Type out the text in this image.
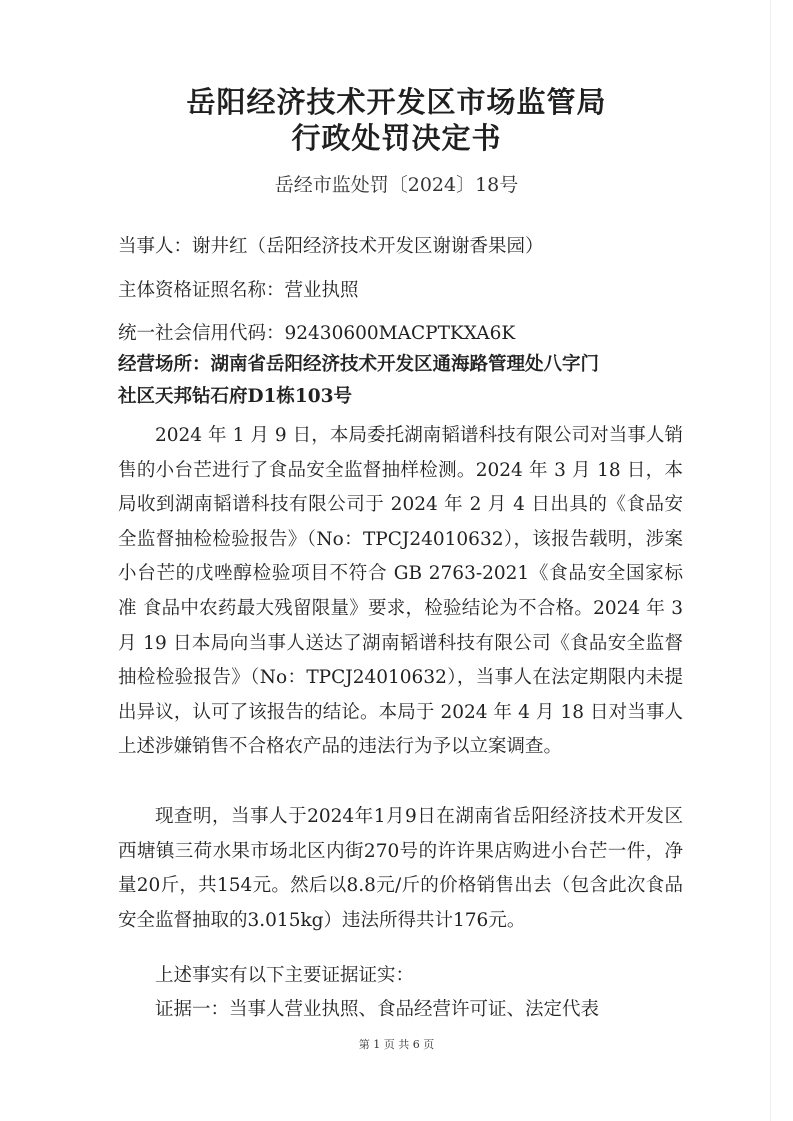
岳阳经济技术开发区市场监管局
行政处罚决定书
岳经市监处罚〔2024〕18号
当事人：谢井红（岳阳经济技术开发区谢谢香果园）
主体资格证照名称：营业执照
统一社会信用代码：92430600MACPTKXA6K
经营场所：湖南省岳阳经济技术开发区通海路管理处八字门
社区天邦钻石府D1栋103号
2024 年 1 月 9 日，本局委托湖南韬谱科技有限公司对当事人销售的小台芒进行了食品安全监督抽样检测。2024 年 3 月 18 日，本局收到湖南韬谱科技有限公司于 2024 年 2 月 4 日出具的《食品安全监督抽检检验报告》（No：TPCJ24010632），该报告载明，涉案小台芒的戊唑醇检验项目不符合 GB 2763-2021《食品安全国家标准 食品中农药最大残留限量》要求，检验结论为不合格。2024 年 3 月 19 日本局向当事人送达了湖南韬谱科技有限公司《食品安全监督抽检检验报告》（No：TPCJ24010632），当事人在法定期限内未提出异议，认可了该报告的结论。本局于 2024 年 4 月 18 日对当事人上述涉嫌销售不合格农产品的违法行为予以立案调查。
现查明，当事人于2024年1月9日在湖南省岳阳经济技术开发区西塘镇三荷水果市场北区内街270号的许许果店购进小台芒一件，净量20斤，共154元。然后以8.8元/斤的价格销售出去（包含此次食品安全监督抽取的3.015kg）违法所得共计176元。
上述事实有以下主要证据证实：
证据一：当事人营业执照、食品经营许可证、法定代表
第 1 页 共 6 页
